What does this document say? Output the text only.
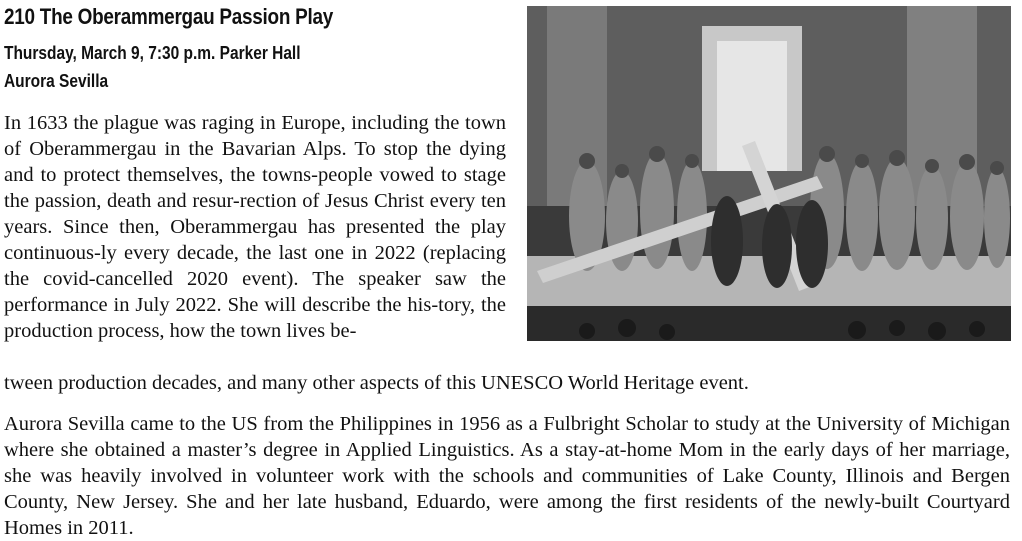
210 The Oberammergau Passion Play
Thursday, March 9, 7:30 p.m. Parker Hall
Aurora Sevilla

In 1633 the plague was raging in Europe, including the town of Oberammergau in the Bavarian Alps. To stop the dying and to protect themselves, the towns-people vowed to stage the passion, death and resur-rection of Jesus Christ every ten years. Since then, Oberammergau has presented the play continuous-ly every decade, the last one in 2022 (replacing the covid-cancelled 2020 event). The speaker saw the performance in July 2022. She will describe the his-tory, the production process, how the town lives be-

tween production decades, and many other aspects of this UNESCO World Heritage event.

Aurora Sevilla came to the US from the Philippines in 1956 as a Fulbright Scholar to study at the University of Michigan where she obtained a master’s degree in Applied Linguistics. As a stay-at-home Mom in the early days of her marriage, she was heavily involved in volunteer work with the schools and communities of Lake County, Illinois and Bergen County, New Jersey. She and her late husband, Eduardo, were among the first residents of the newly-built Courtyard Homes in 2011.
